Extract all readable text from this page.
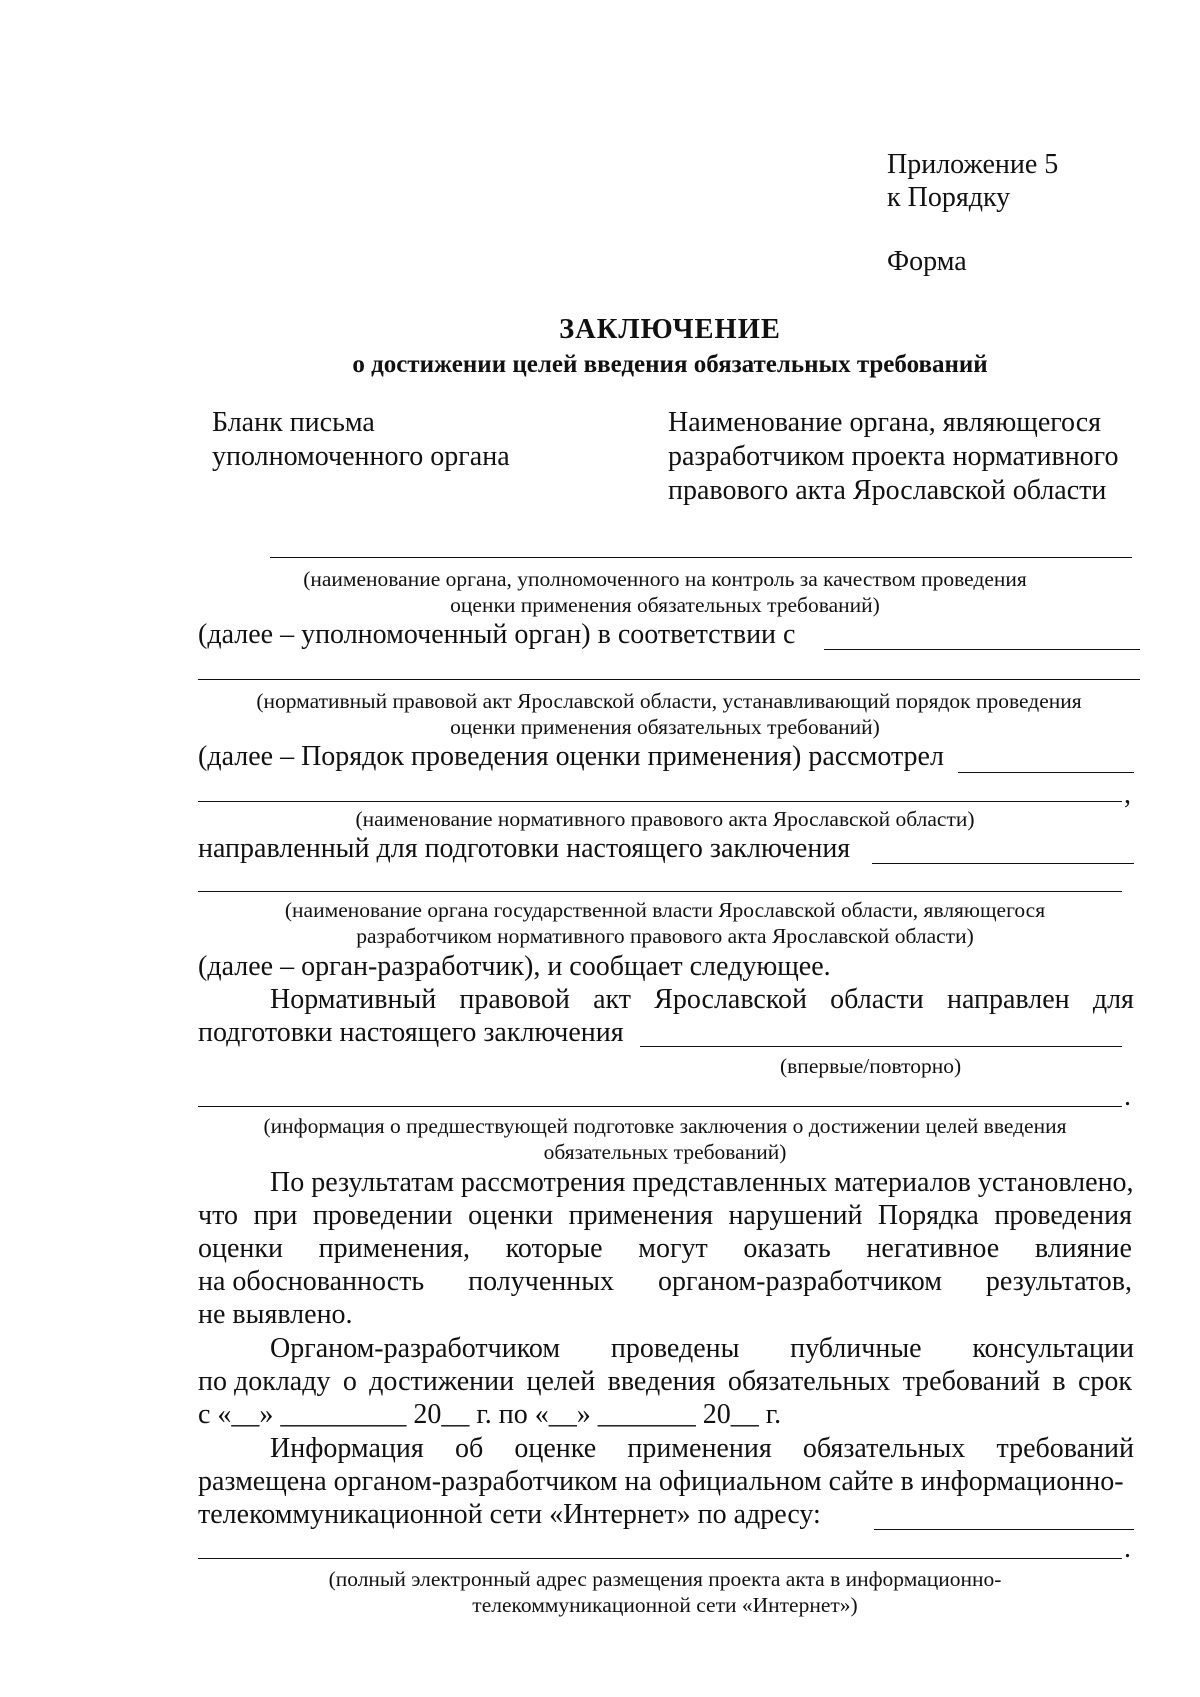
Приложение 5
к Порядку
Форма
ЗАКЛЮЧЕНИЕ
о достижении целей введения обязательных требований
Бланк письма
уполномоченного органа
Наименование органа, являющегося
разработчиком проекта нормативного
правового акта Ярославской области
(наименование органа, уполномоченного на контроль за качеством проведения
оценки применения обязательных требований)
(далее – уполномоченный орган) в соответствии с
(нормативный правовой акт Ярославской области, устанавливающий порядок проведения
оценки применения обязательных требований)
(далее – Порядок проведения оценки применения) рассмотрел
,
(наименование нормативного правового акта Ярославской области)
направленный для подготовки настоящего заключения
(наименование органа государственной власти Ярославской области, являющегося
разработчиком нормативного правового акта Ярославской области)
(далее – орган-разработчик), и сообщает следующее.
Нормативный правовой акт Ярославской области направлен для
подготовки настоящего заключения
(впервые/повторно)
.
(информация о предшествующей подготовке заключения о достижении целей введения
обязательных требований)
По результатам рассмотрения представленных материалов установлено,
что при проведении оценки применения нарушений Порядка проведения
оценки применения, которые могут оказать негативное влияние
на обоснованность полученных органом-разработчиком результатов,
не выявлено.
Органом-разработчиком проведены публичные консультации
по докладу о достижении целей введения обязательных требований в срок
с «__» _________ 20__ г. по «__» _______ 20__ г.
Информация об оценке применения обязательных требований
размещена органом-разработчиком на официальном сайте в информационно-
телекоммуникационной сети «Интернет» по адресу:
.
(полный электронный адрес размещения проекта акта в информационно-
телекоммуникационной сети «Интернет»)
